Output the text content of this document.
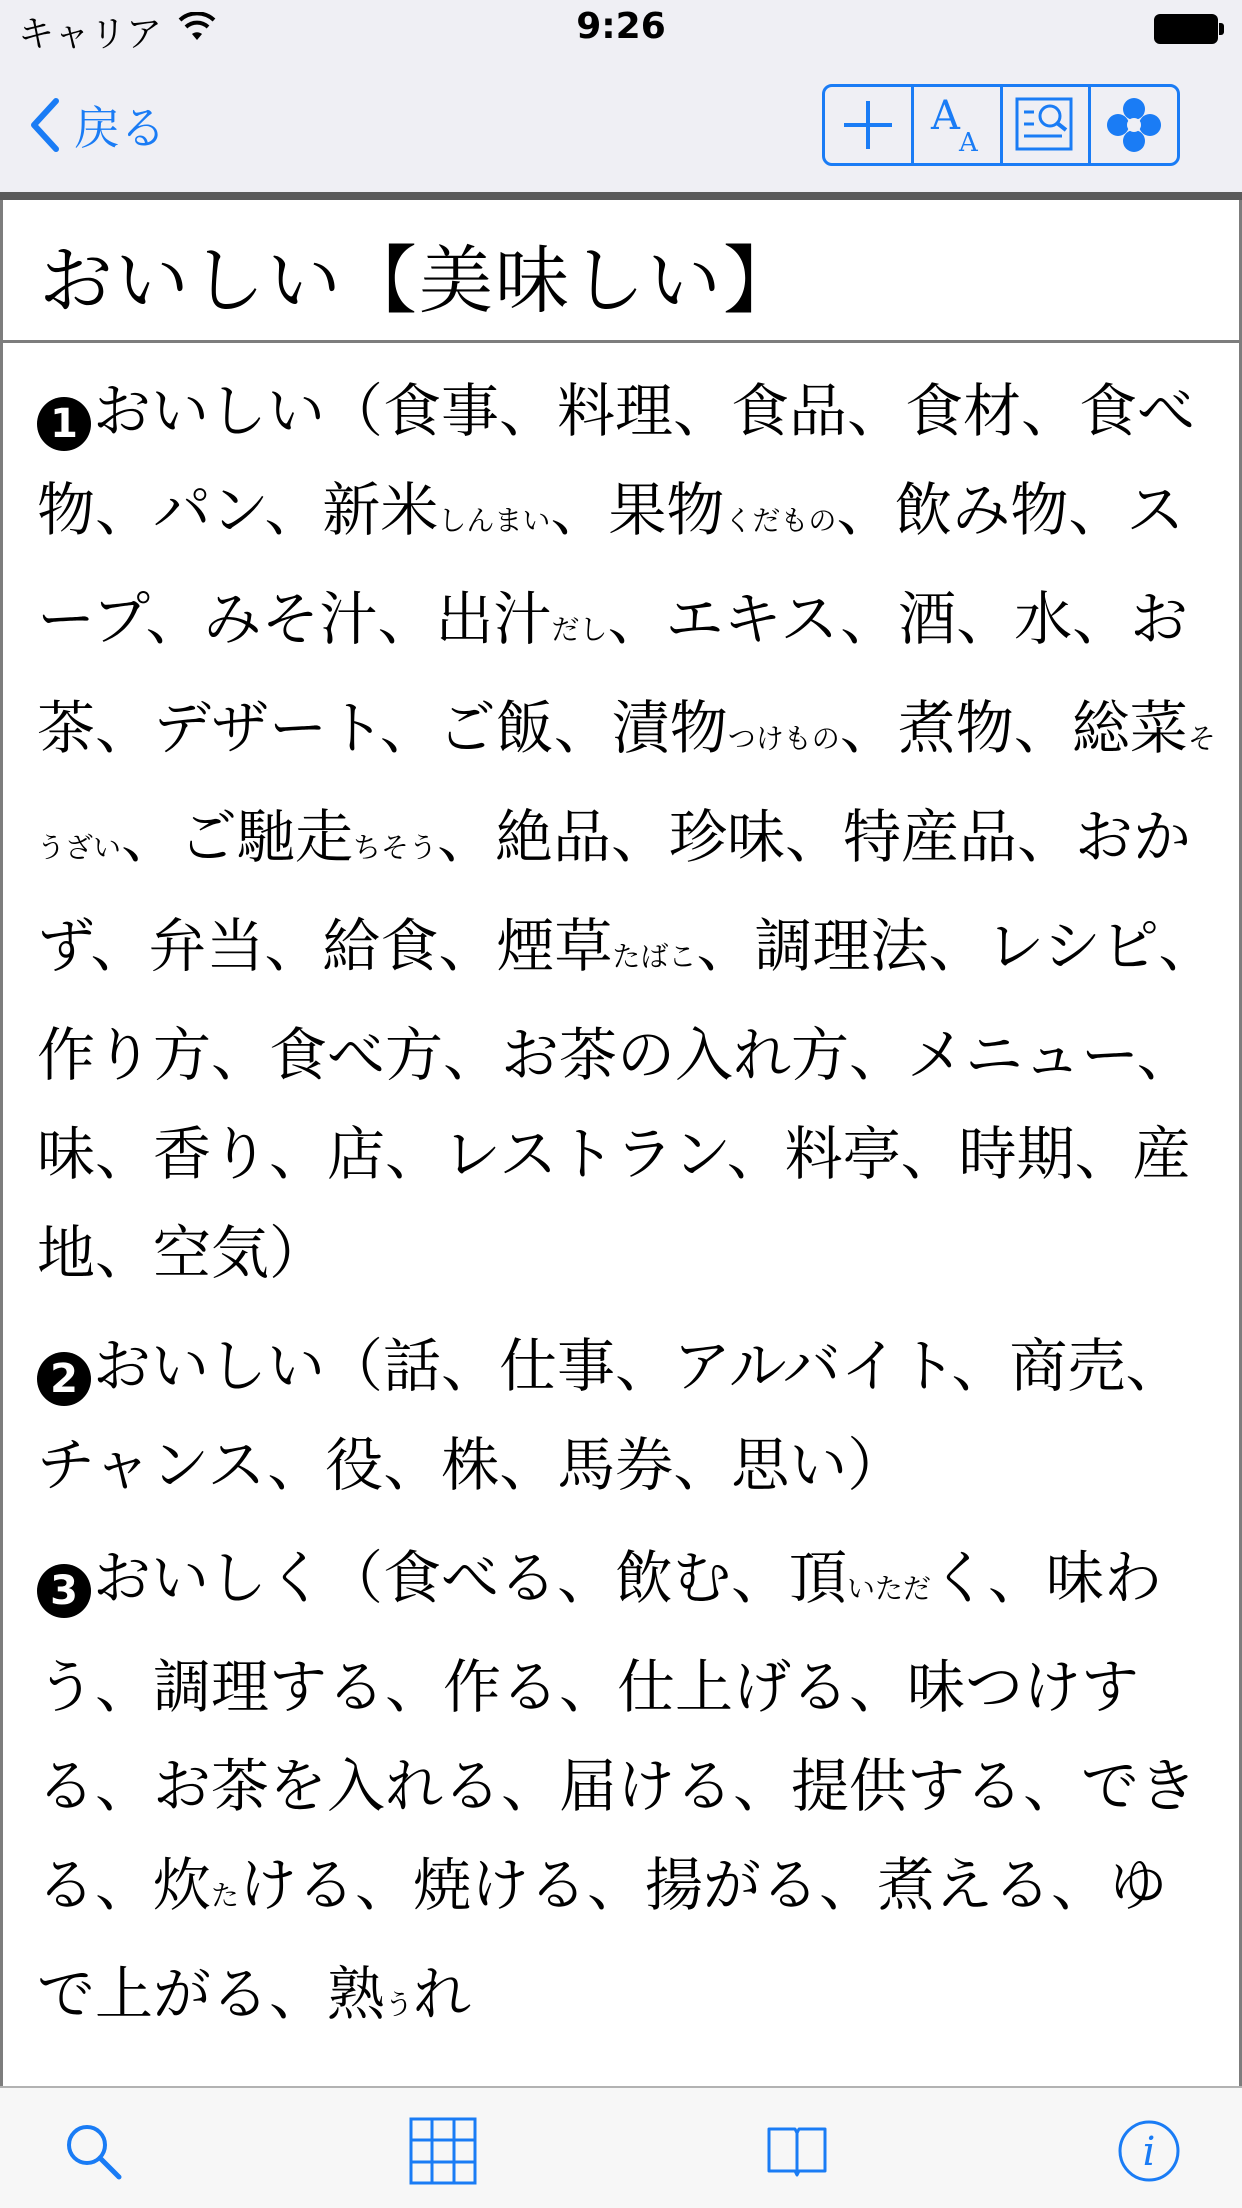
キャリア	9:26
戻る	A
A
おいしい【美味しい】

1 おいしい（食事、料理、食品、食材、食べ物、パン、新米しんまい、果物くだもの、飲み物、スープ、みそ汁、出汁だし、エキス、酒、水、お茶、デザート、ご飯、漬物つけもの、煮物、総菜そうざい、ご馳走ちそう、絶品、珍味、特産品、おかず、弁当、給食、煙草たばこ、調理法、レシピ、作り方、食べ方、お茶の入れ方、メニュー、味、香り、店、レストラン、料亭、時期、産地、空気）

2 おいしい（話、仕事、アルバイト、商売、チャンス、役、株、馬券、思い）

3 おいしく（食べる、飲む、頂いただく、味わう、調理する、作る、仕上げる、味つけする、お茶を入れる、届ける、提供する、できる、炊たける、焼ける、揚がる、煮える、ゆで上がる、熟うれ

i
